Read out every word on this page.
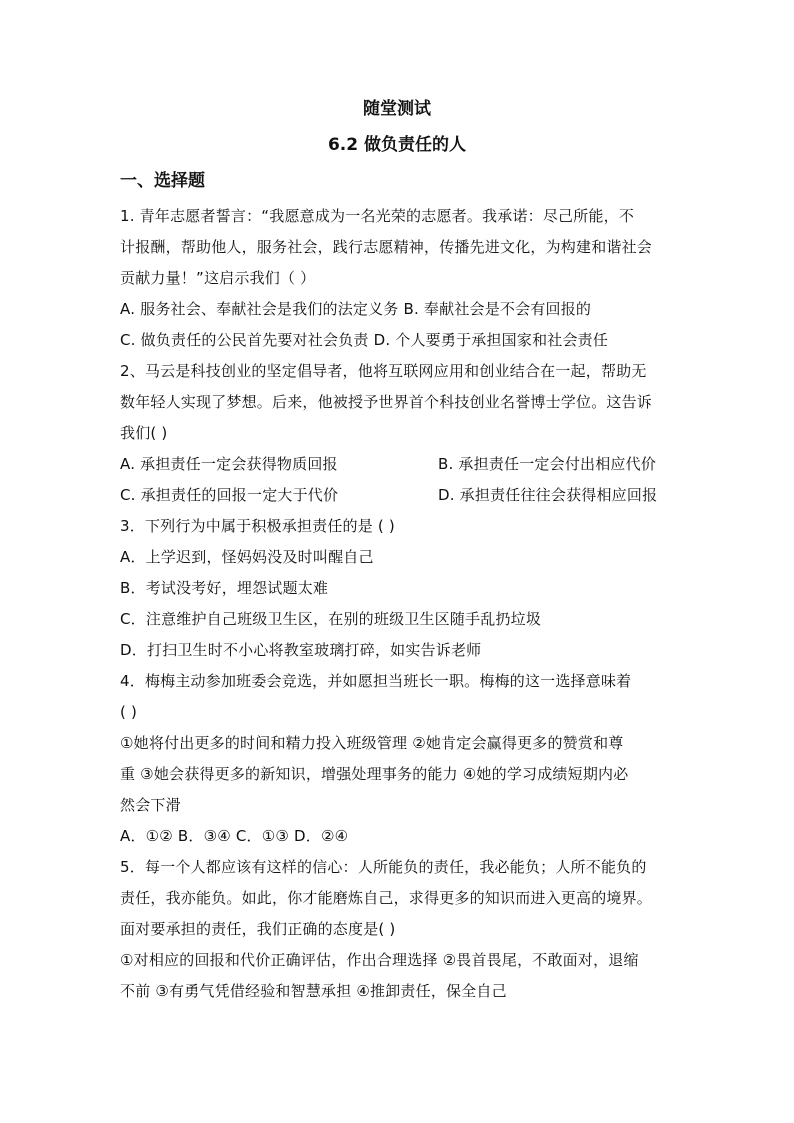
随堂测试
6.2 做负责任的人
一、选择题
1. 青年志愿者誓言：“我愿意成为一名光荣的志愿者。我承诺：尽己所能，不
计报酬，帮助他人，服务社会，践行志愿精神，传播先进文化，为构建和谐社会
贡献力量！”这启示我们（ ）
A. 服务社会、奉献社会是我们的法定义务 B. 奉献社会是不会有回报的
C. 做负责任的公民首先要对社会负责 D. 个人要勇于承担国家和社会责任
2、马云是科技创业的坚定倡导者，他将互联网应用和创业结合在一起，帮助无
数年轻人实现了梦想。后来，他被授予世界首个科技创业名誉博士学位。这告诉
我们( )
A. 承担责任一定会获得物质回报	B. 承担责任一定会付出相应代价
C. 承担责任的回报一定大于代价	D. 承担责任往往会获得相应回报
3．下列行为中属于积极承担责任的是 ( )
A．上学迟到，怪妈妈没及时叫醒自己
B．考试没考好，埋怨试题太难
C．注意维护自己班级卫生区，在别的班级卫生区随手乱扔垃圾
D．打扫卫生时不小心将教室玻璃打碎，如实告诉老师
4．梅梅主动参加班委会竞选，并如愿担当班长一职。梅梅的这一选择意味着
( )
①她将付出更多的时间和精力投入班级管理 ②她肯定会赢得更多的赞赏和尊
重 ③她会获得更多的新知识，增强处理事务的能力 ④她的学习成绩短期内必
然会下滑
A．①② B．③④ C．①③ D．②④
5．每一个人都应该有这样的信心：人所能负的责任，我必能负；人所不能负的
责任，我亦能负。如此，你才能磨炼自己，求得更多的知识而进入更高的境界。
面对要承担的责任，我们正确的态度是( )
①对相应的回报和代价正确评估，作出合理选择 ②畏首畏尾，不敢面对，退缩
不前 ③有勇气凭借经验和智慧承担 ④推卸责任，保全自己
